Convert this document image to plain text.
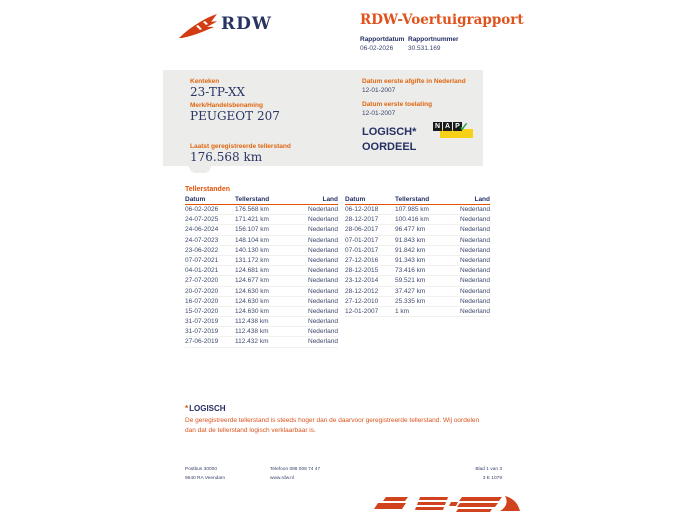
RDW	RDW-Voertuigrapport
Rapportdatum
06-02-2026
Rapportnummer
30.531.169
Kenteken
23-TP-XX
Merk/Handelsbenaming
PEUGEOT 207
Laatst geregistreerde tellerstand
176.568 km
Datum eerste afgifte in Nederland
12-01-2007
Datum eerste toelating
12-01-2007
LOGISCH*
OORDEEL
N A P ✓
Tellerstanden
Datum	Tellerstand	Land
06-02-2026	176.568 km	Nederland
24-07-2025	171.421 km	Nederland
24-06-2024	156.107 km	Nederland
24-07-2023	148.104 km	Nederland
23-06-2022	140.130 km	Nederland
07-07-2021	131.172 km	Nederland
04-01-2021	124.681 km	Nederland
27-07-2020	124.677 km	Nederland
20-07-2020	124.630 km	Nederland
16-07-2020	124.630 km	Nederland
15-07-2020	124.630 km	Nederland
31-07-2019	112.438 km	Nederland
31-07-2019	112.438 km	Nederland
27-06-2019	112.432 km	Nederland
Datum	Tellerstand	Land
06-12-2018	107.985 km	Nederland
28-12-2017	100.416 km	Nederland
28-06-2017	96.477 km	Nederland
07-01-2017	91.843 km	Nederland
07-01-2017	91.842 km	Nederland
27-12-2016	91.343 km	Nederland
28-12-2015	73.416 km	Nederland
23-12-2014	59.521 km	Nederland
28-12-2012	37.427 km	Nederland
27-12-2010	25.335 km	Nederland
12-01-2007	1 km	Nederland
*LOGISCH
De geregistreerde tellerstand is steeds hoger dan de daarvoor geregistreerde tellerstand. Wij oordelen dan dat de tellerstand logisch verklaarbaar is.
Postbus 30000
9640 RA Veendam
Telefoon 088 008 74 47
www.rdw.nl
Blad 1 van 3
3 E 1079
